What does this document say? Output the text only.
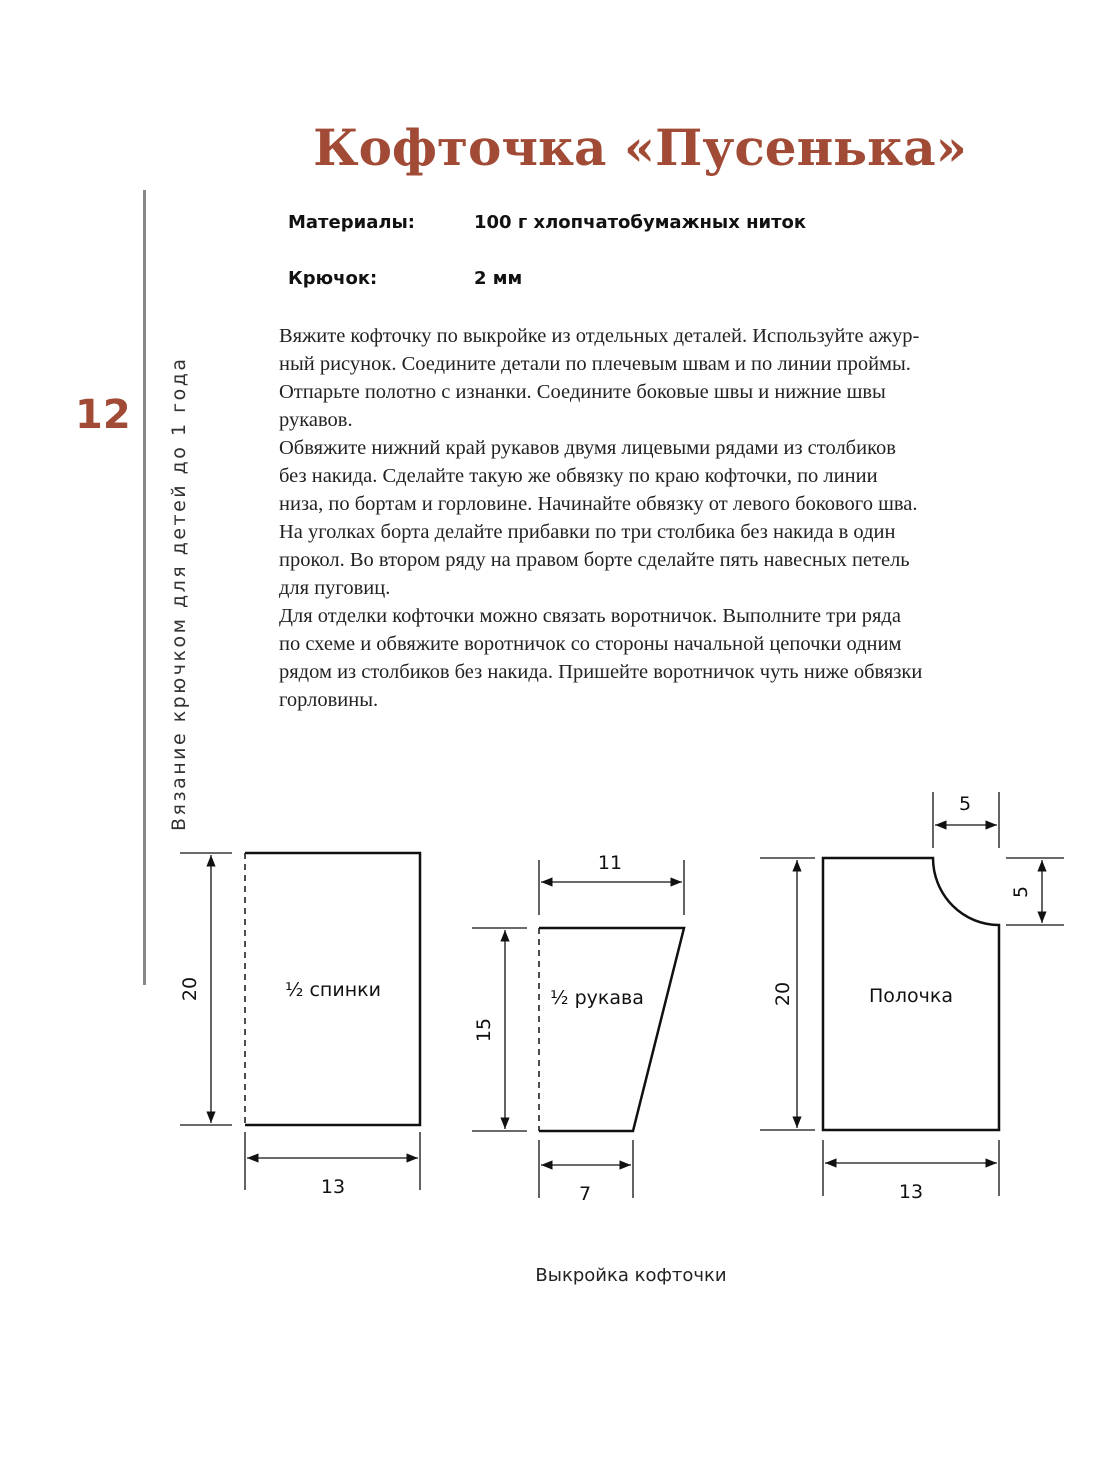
Кофточка «Пусенька»
Материалы:	100 г хлопчатобумажных ниток
Крючок:	2 мм
Вяжите кофточку по выкройке из отдельных деталей. Используйте ажур-
ный рисунок. Соедините детали по плечевым швам и по линии проймы.
Отпарьте полотно с изнанки. Соедините боковые швы и нижние швы
рукавов.
Обвяжите нижний край рукавов двумя лицевыми рядами из столбиков
без накида. Сделайте такую же обвязку по краю кофточки, по линии
низа, по бортам и горловине. Начинайте обвязку от левого бокового шва.
На уголках борта делайте прибавки по три столбика без накида в один
прокол. Во втором ряду на правом борте сделайте пять навесных петель
для пуговиц.
Для отделки кофточки можно связать воротничок. Выполните три ряда
по схеме и обвяжите воротничок со стороны начальной цепочки одним
рядом из столбиков без накида. Пришейте воротничок чуть ниже обвязки
горловины.
12 Вязание крючком для детей до 1 года
½ спинки
20
13
½ рукава
11
15
7
Полочка
20
5
5
13
Выкройка кофточки
